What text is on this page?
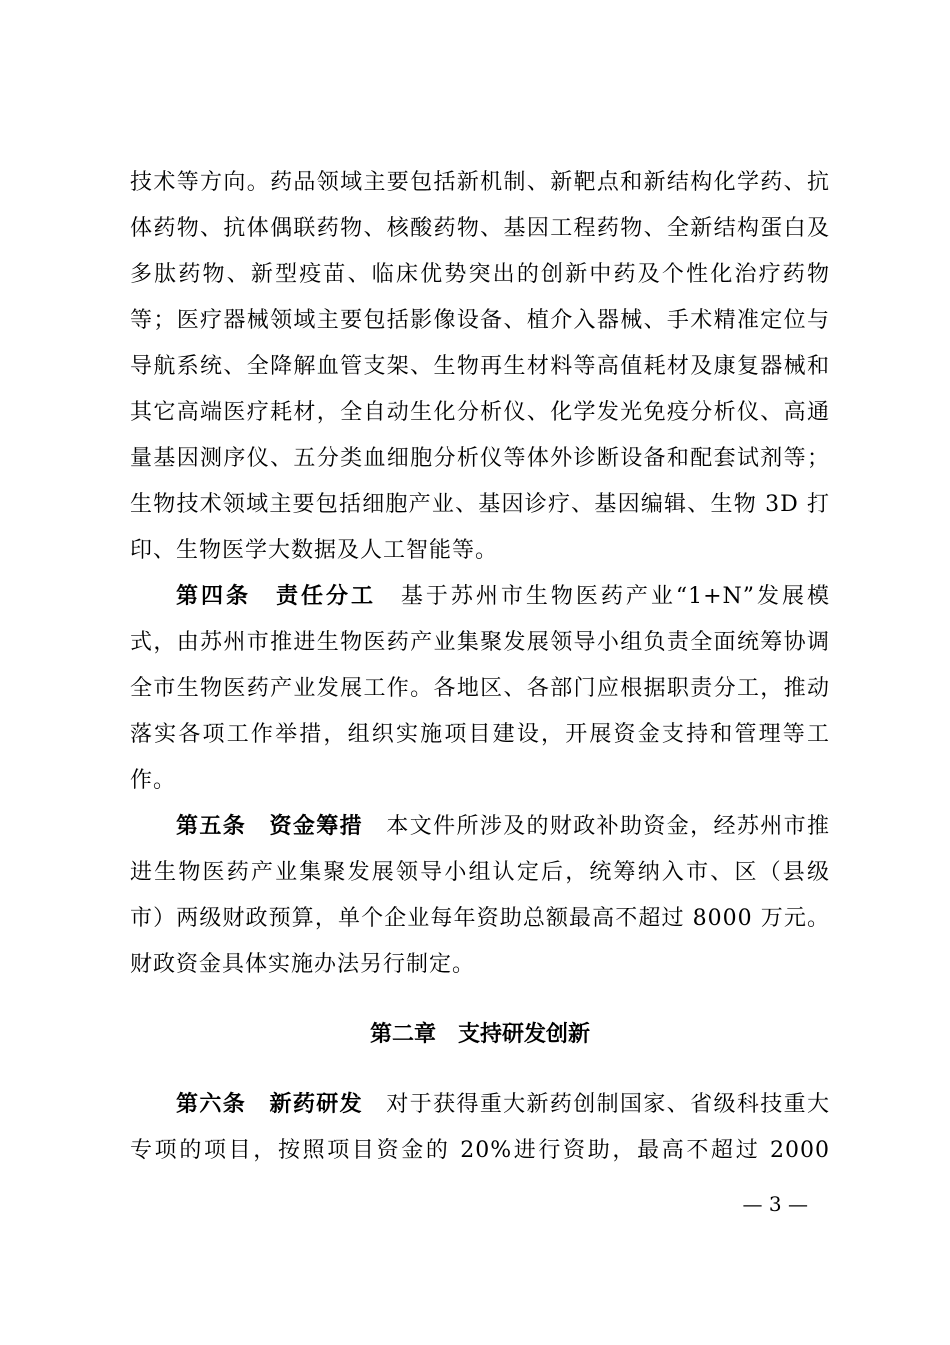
技术等方向。药品领域主要包括新机制、新靶点和新结构化学药、抗体药物、抗体偶联药物、核酸药物、基因工程药物、全新结构蛋白及多肽药物、新型疫苗、临床优势突出的创新中药及个性化治疗药物等；医疗器械领域主要包括影像设备、植介入器械、手术精准定位与导航系统、全降解血管支架、生物再生材料等高值耗材及康复器械和其它高端医疗耗材，全自动生化分析仪、化学发光免疫分析仪、高通量基因测序仪、五分类血细胞分析仪等体外诊断设备和配套试剂等；生物技术领域主要包括细胞产业、基因诊疗、基因编辑、生物 3D 打印、生物医学大数据及人工智能等。

第四条　责任分工　基于苏州市生物医药产业“1+N”发展模式，由苏州市推进生物医药产业集聚发展领导小组负责全面统筹协调全市生物医药产业发展工作。各地区、各部门应根据职责分工，推动落实各项工作举措，组织实施项目建设，开展资金支持和管理等工作。

第五条　资金筹措　本文件所涉及的财政补助资金，经苏州市推进生物医药产业集聚发展领导小组认定后，统筹纳入市、区（县级市）两级财政预算，单个企业每年资助总额最高不超过 8000 万元。财政资金具体实施办法另行制定。

第二章　支持研发创新

第六条　新药研发　对于获得重大新药创制国家、省级科技重大专项的项目，按照项目资金的 20%进行资助，最高不超过 2000

— 3 —
